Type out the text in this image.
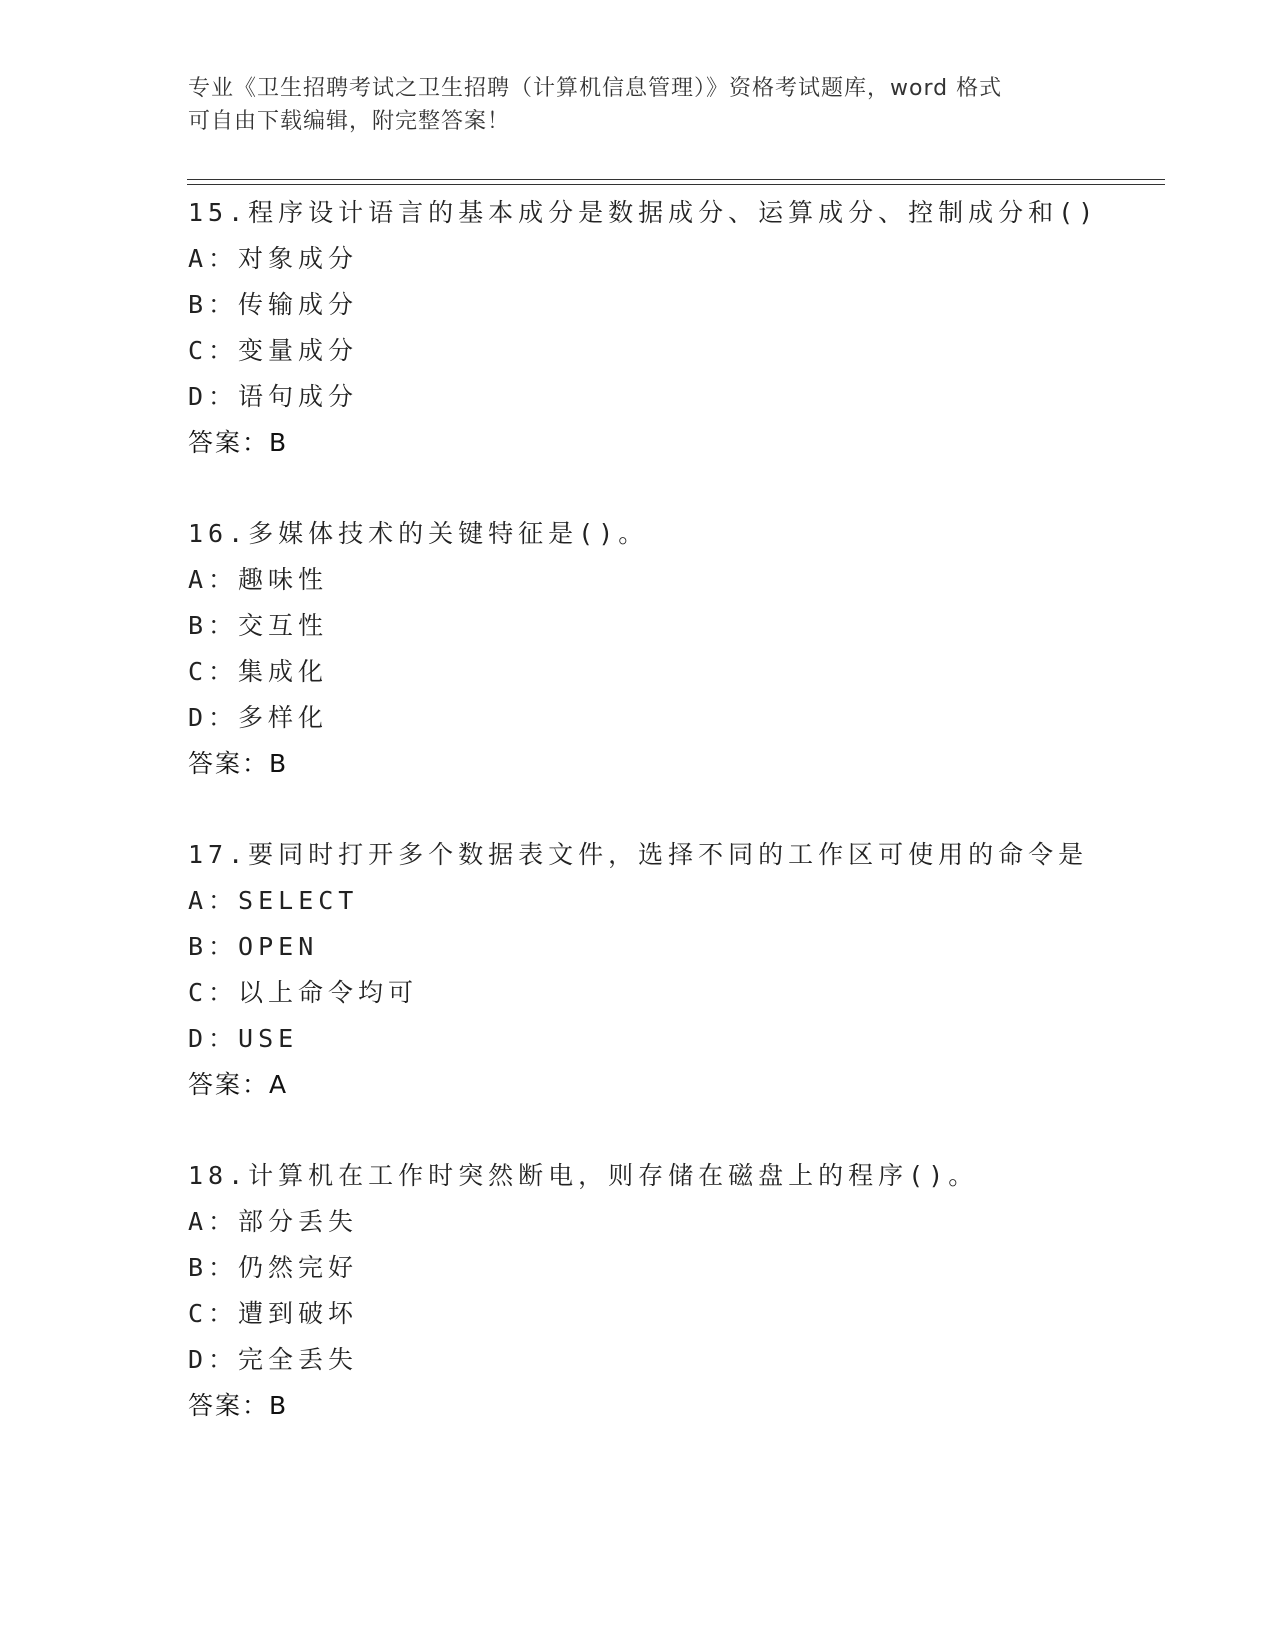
专业《卫生招聘考试之卫生招聘（计算机信息管理）》资格考试题库，word 格式
可自由下载编辑，附完整答案！
15.程序设计语言的基本成分是数据成分、运算成分、控制成分和()
A：对象成分
B：传输成分
C：变量成分
D：语句成分
答案：B
16.多媒体技术的关键特征是()。
A：趣味性
B：交互性
C：集成化
D：多样化
答案：B
17.要同时打开多个数据表文件，选择不同的工作区可使用的命令是
A：SELECT
B：OPEN
C：以上命令均可
D：USE
答案：A
18.计算机在工作时突然断电，则存储在磁盘上的程序()。
A：部分丢失
B：仍然完好
C：遭到破坏
D：完全丢失
答案：B
